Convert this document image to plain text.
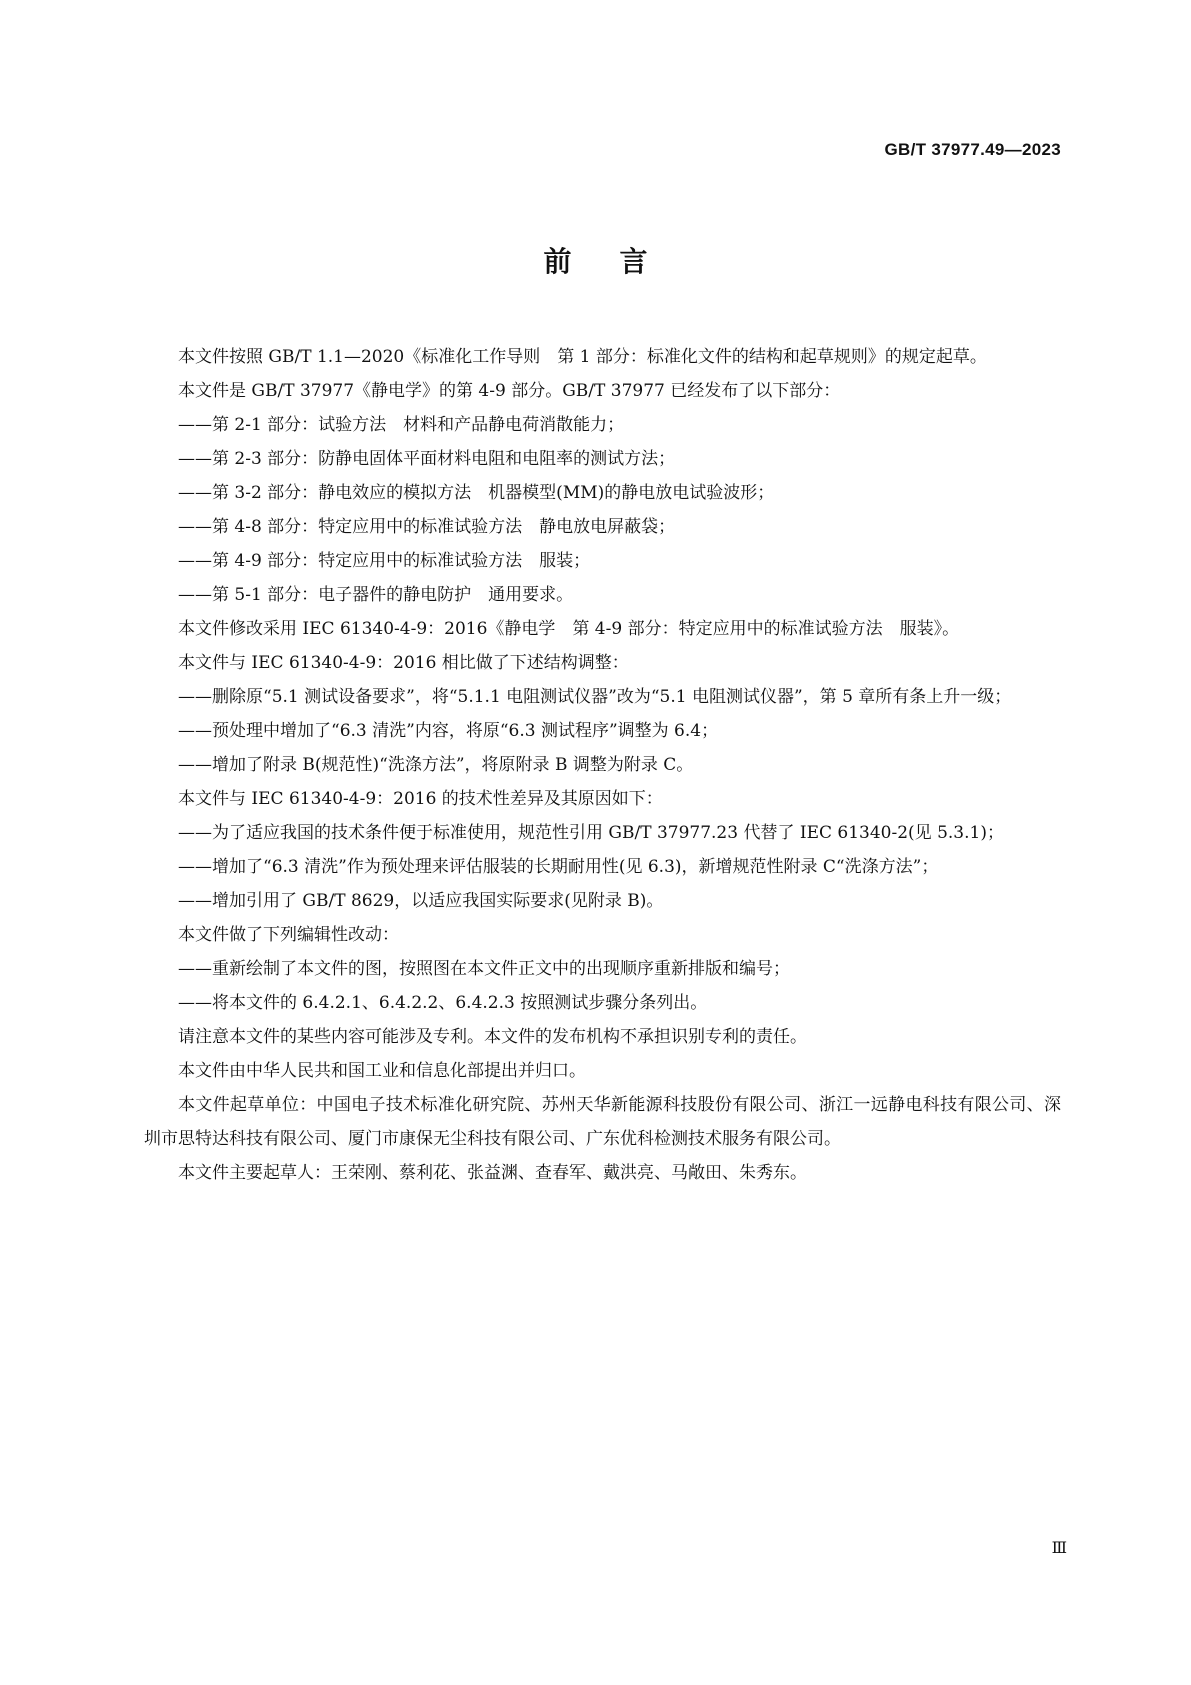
GB/T 37977.49—2023
前言

本文件按照 GB/T 1.1—2020《标准化工作导则　第 1 部分：标准化文件的结构和起草规则》的规定起草。

本文件是 GB/T 37977《静电学》的第 4-9 部分。GB/T 37977 已经发布了以下部分：

——第 2-1 部分：试验方法　材料和产品静电荷消散能力；

——第 2-3 部分：防静电固体平面材料电阻和电阻率的测试方法；

——第 3-2 部分：静电效应的模拟方法　机器模型(MM)的静电放电试验波形；

——第 4-8 部分：特定应用中的标准试验方法　静电放电屏蔽袋；

——第 4-9 部分：特定应用中的标准试验方法　服装；

——第 5-1 部分：电子器件的静电防护　通用要求。

本文件修改采用 IEC 61340-4-9：2016《静电学　第 4-9 部分：特定应用中的标准试验方法　服装》。

本文件与 IEC 61340-4-9：2016 相比做了下述结构调整：

——删除原“5.1 测试设备要求”，将“5.1.1 电阻测试仪器”改为“5.1 电阻测试仪器”，第 5 章所有条上升一级；

——预处理中增加了“6.3 清洗”内容，将原“6.3 测试程序”调整为 6.4；

——增加了附录 B(规范性)“洗涤方法”，将原附录 B 调整为附录 C。

本文件与 IEC 61340-4-9：2016 的技术性差异及其原因如下：

——为了适应我国的技术条件便于标准使用，规范性引用 GB/T 37977.23 代替了 IEC 61340-2(见 5.3.1)；

——增加了“6.3 清洗”作为预处理来评估服装的长期耐用性(见 6.3)，新增规范性附录 C“洗涤方法”；

——增加引用了 GB/T 8629，以适应我国实际要求(见附录 B)。

本文件做了下列编辑性改动：

——重新绘制了本文件的图，按照图在本文件正文中的出现顺序重新排版和编号；

——将本文件的 6.4.2.1、6.4.2.2、6.4.2.3 按照测试步骤分条列出。

请注意本文件的某些内容可能涉及专利。本文件的发布机构不承担识别专利的责任。

本文件由中华人民共和国工业和信息化部提出并归口。

本文件起草单位：中国电子技术标准化研究院、苏州天华新能源科技股份有限公司、浙江一远静电科技有限公司、深圳市思特达科技有限公司、厦门市康保无尘科技有限公司、广东优科检测技术服务有限公司。

本文件主要起草人：王荣刚、蔡利花、张益渊、查春军、戴洪亮、马敞田、朱秀东。

Ⅲ
